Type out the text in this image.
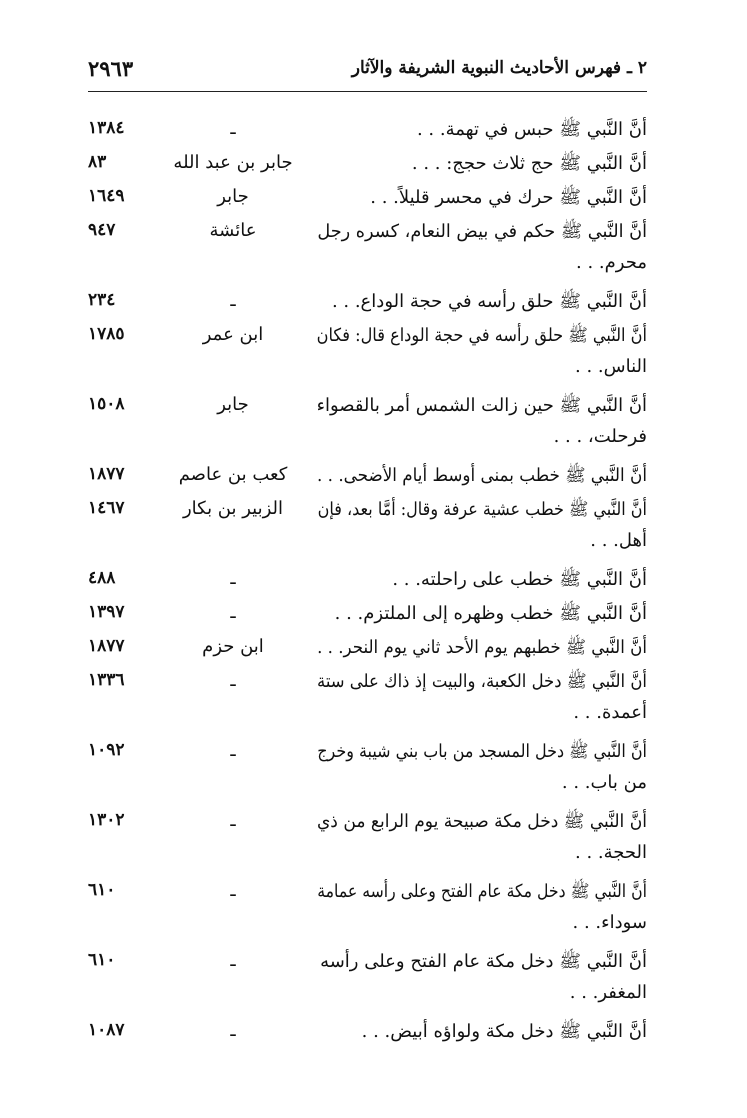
٢٩٦٣	٢ ـ فهرس الأحاديث النبوية الشريفة والآثار
١٣٨٤	ـ	أنَّ النَّبي ﷺ حبس في تهمة. . .
٨٣	جابر بن عبد الله	أنَّ النَّبي ﷺ حج ثلاث حجج: . . .
١٦٤٩	جابر	أنَّ النَّبي ﷺ حرك في محسر قليلاً. . .
٩٤٧	عائشة	أنَّ النَّبي ﷺ حكم في بيض النعام، كسره رجل
محرم. . .
٢٣٤	ـ	أنَّ النَّبي ﷺ حلق رأسه في حجة الوداع. . .
١٧٨٥	ابن عمر	أنَّ النَّبي ﷺ حلق رأسه في حجة الوداع قال: فكان
الناس. . .
١٥٠٨	جابر	أنَّ النَّبي ﷺ حين زالت الشمس أمر بالقصواء
فرحلت، . . .
١٨٧٧	كعب بن عاصم	أنَّ النَّبي ﷺ خطب بمنى أوسط أيام الأضحى. . .
١٤٦٧	الزبير بن بكار	أنَّ النَّبي ﷺ خطب عشية عرفة وقال: أمَّا بعد، فإن
أهل. . .
٤٨٨	ـ	أنَّ النَّبي ﷺ خطب على راحلته. . .
١٣٩٧	ـ	أنَّ النَّبي ﷺ خطب وظهره إلى الملتزم. . .
١٨٧٧	ابن حزم	أنَّ النَّبي ﷺ خطبهم يوم الأحد ثاني يوم النحر. . .
١٣٣٦	ـ	أنَّ النَّبي ﷺ دخل الكعبة، والبيت إذ ذاك على ستة
أعمدة. . .
١٠٩٢	ـ	أنَّ النَّبي ﷺ دخل المسجد من باب بني شيبة وخرج
من باب. . .
١٣٠٢	ـ	أنَّ النَّبي ﷺ دخل مكة صبيحة يوم الرابع من ذي
الحجة. . .
٦١٠	ـ	أنَّ النَّبي ﷺ دخل مكة عام الفتح وعلى رأسه عمامة
سوداء. . .
٦١٠	ـ	أنَّ النَّبي ﷺ دخل مكة عام الفتح وعلى رأسه
المغفر. . .
١٠٨٧	ـ	أنَّ النَّبي ﷺ دخل مكة ولواؤه أبيض. . .
